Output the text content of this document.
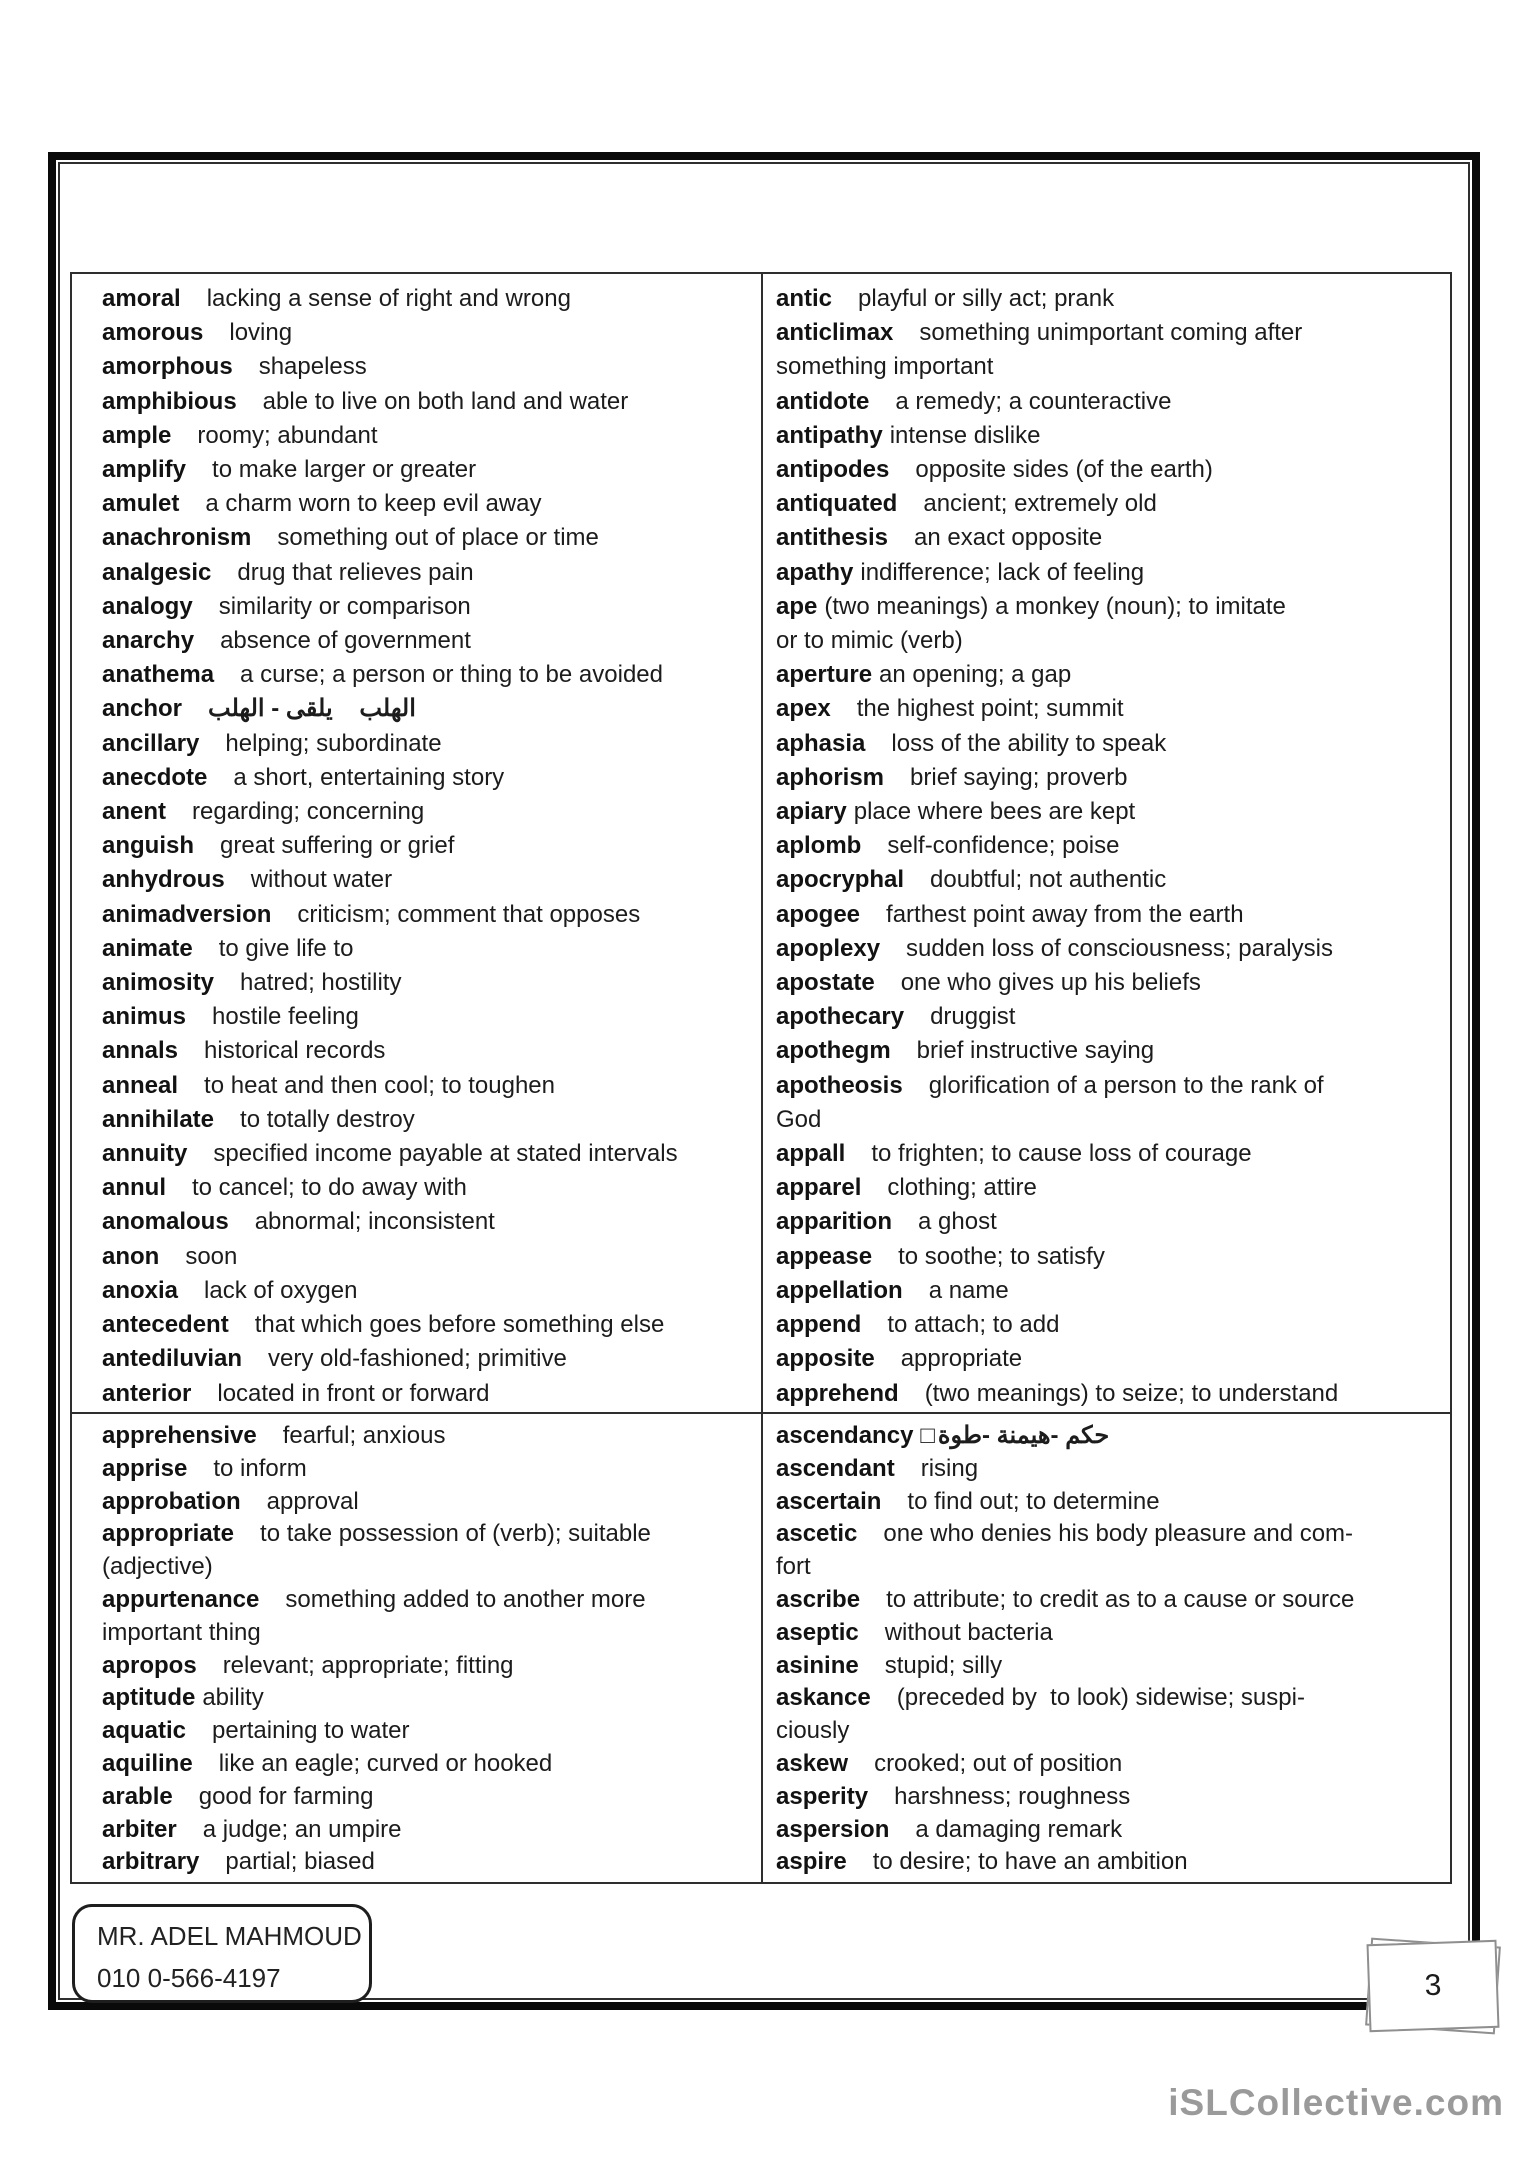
amoral lacking a sense of right and wrong
amorous loving
amorphous shapeless
amphibious able to live on both land and water
ample roomy; abundant
amplify to make larger or greater
amulet a charm worn to keep evil away
anachronism something out of place or time
analgesic drug that relieves pain
analogy similarity or comparison
anarchy absence of government
anathema a curse; a person or thing to be avoided
anchor الهلب    يلقى - الهلب
ancillary helping; subordinate
anecdote a short, entertaining story
anent regarding; concerning
anguish great suffering or grief
anhydrous without water
animadversion criticism; comment that opposes
animate to give life to
animosity hatred; hostility
animus hostile feeling
annals historical records
anneal to heat and then cool; to toughen
annihilate to totally destroy
annuity specified income payable at stated intervals
annul to cancel; to do away with
anomalous abnormal; inconsistent
anon soon
anoxia lack of oxygen
antecedent that which goes before something else
antediluvian very old-fashioned; primitive
anterior located in front or forward
antic playful or silly act; prank
anticlimax something unimportant coming after
something important
antidote a remedy; a counteractive
antipathy intense dislike
antipodes opposite sides (of the earth)
antiquated ancient; extremely old
antithesis an exact opposite
apathy indifference; lack of feeling
ape (two meanings) a monkey (noun); to imitate
or to mimic (verb)
aperture an opening; a gap
apex the highest point; summit
aphasia loss of the ability to speak
aphorism brief saying; proverb
apiary place where bees are kept
aplomb self-confidence; poise
apocryphal doubtful; not authentic
apogee farthest point away from the earth
apoplexy sudden loss of consciousness; paralysis
apostate one who gives up his beliefs
apothecary druggist
apothegm brief instructive saying
apotheosis glorification of a person to the rank of
God
appall to frighten; to cause loss of courage
apparel clothing; attire
apparition a ghost
appease to soothe; to satisfy
appellation a name
append to attach; to add
apposite appropriate
apprehend (two meanings) to seize; to understand
apprehensive fearful; anxious
apprise to inform
approbation approval
appropriate to take possession of (verb); suitable
(adjective)
appurtenance something added to another more
important thing
apropos relevant; appropriate; fitting
aptitude ability
aquatic pertaining to water
aquiline like an eagle; curved or hooked
arable good for farming
arbiter a judge; an umpire
arbitrary partial; biased
ascendancy □ حكم -هيمنة -طوة
ascendant rising
ascertain to find out; to determine
ascetic one who denies his body pleasure and com-
fort
ascribe to attribute; to credit as to a cause or source
aseptic without bacteria
asinine stupid; silly
askance (preceded by  to look) sidewise; suspi-
ciously
askew crooked; out of position
asperity harshness; roughness
aspersion a damaging remark
aspire to desire; to have an ambition
MR. ADEL MAHMOUD
010 0-566-4197	3
iSLCollective.com
